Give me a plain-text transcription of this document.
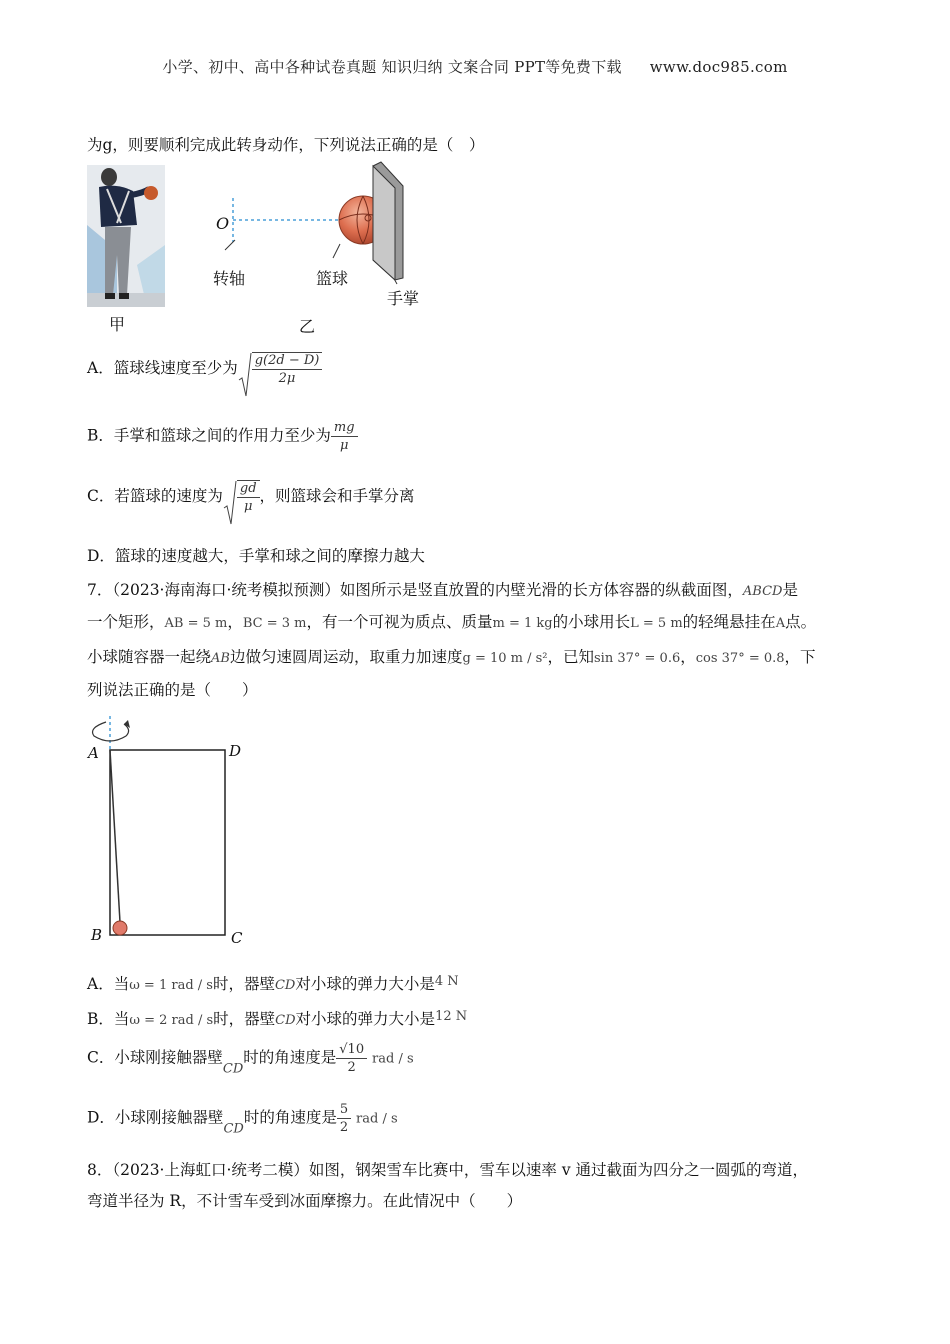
小学、初中、高中各种试卷真题 知识归纳 文案合同 PPT等免费下载 www.doc985.com
为g，则要顺利完成此转身动作，下列说法正确的是（　）
甲
O
转轴	篮球
手掌
乙
A．篮球线速度至少为 $\frac{g(2d - D)}{2\mu}$
B．手掌和篮球之间的作用力至少为 $\frac{mg}{\mu}$
C．若篮球的速度为 $\frac{gd}{\mu}$ ，则篮球会和手掌分离
D．篮球的速度越大，手掌和球之间的摩擦力越大
7．（2023·海南海口·统考模拟预测）如图所示是竖直放置的内壁光滑的长方体容器的纵截面图，ABCD是
一个矩形，AB = 5 m，BC = 3 m，有一个可视为质点、质量m = 1 kg的小球用长L = 5 m的轻绳悬挂在A点。
小球随容器一起绕AB边做匀速圆周运动，取重力加速度g = 10 m / s²，已知sin 37° = 0.6，cos 37° = 0.8，下
列说法正确的是（　　）
A	D
B	C
A．当ω = 1 rad / s时，器壁CD对小球的弹力大小是$^{4 N}$
B．当ω = 2 rad / s时，器壁CD对小球的弹力大小是$^{12 N}$
C．小球刚接触器壁$_{CD}$时的角速度是 $\frac{√10}{2}$ rad / s
D．小球刚接触器壁$_{CD}$时的角速度是 $\frac{5}{2}$ rad / s
8．（2023·上海虹口·统考二模）如图，钢架雪车比赛中，雪车以速率 v 通过截面为四分之一圆弧的弯道，
弯道半径为 R，不计雪车受到冰面摩擦力。在此情况中（　　）
